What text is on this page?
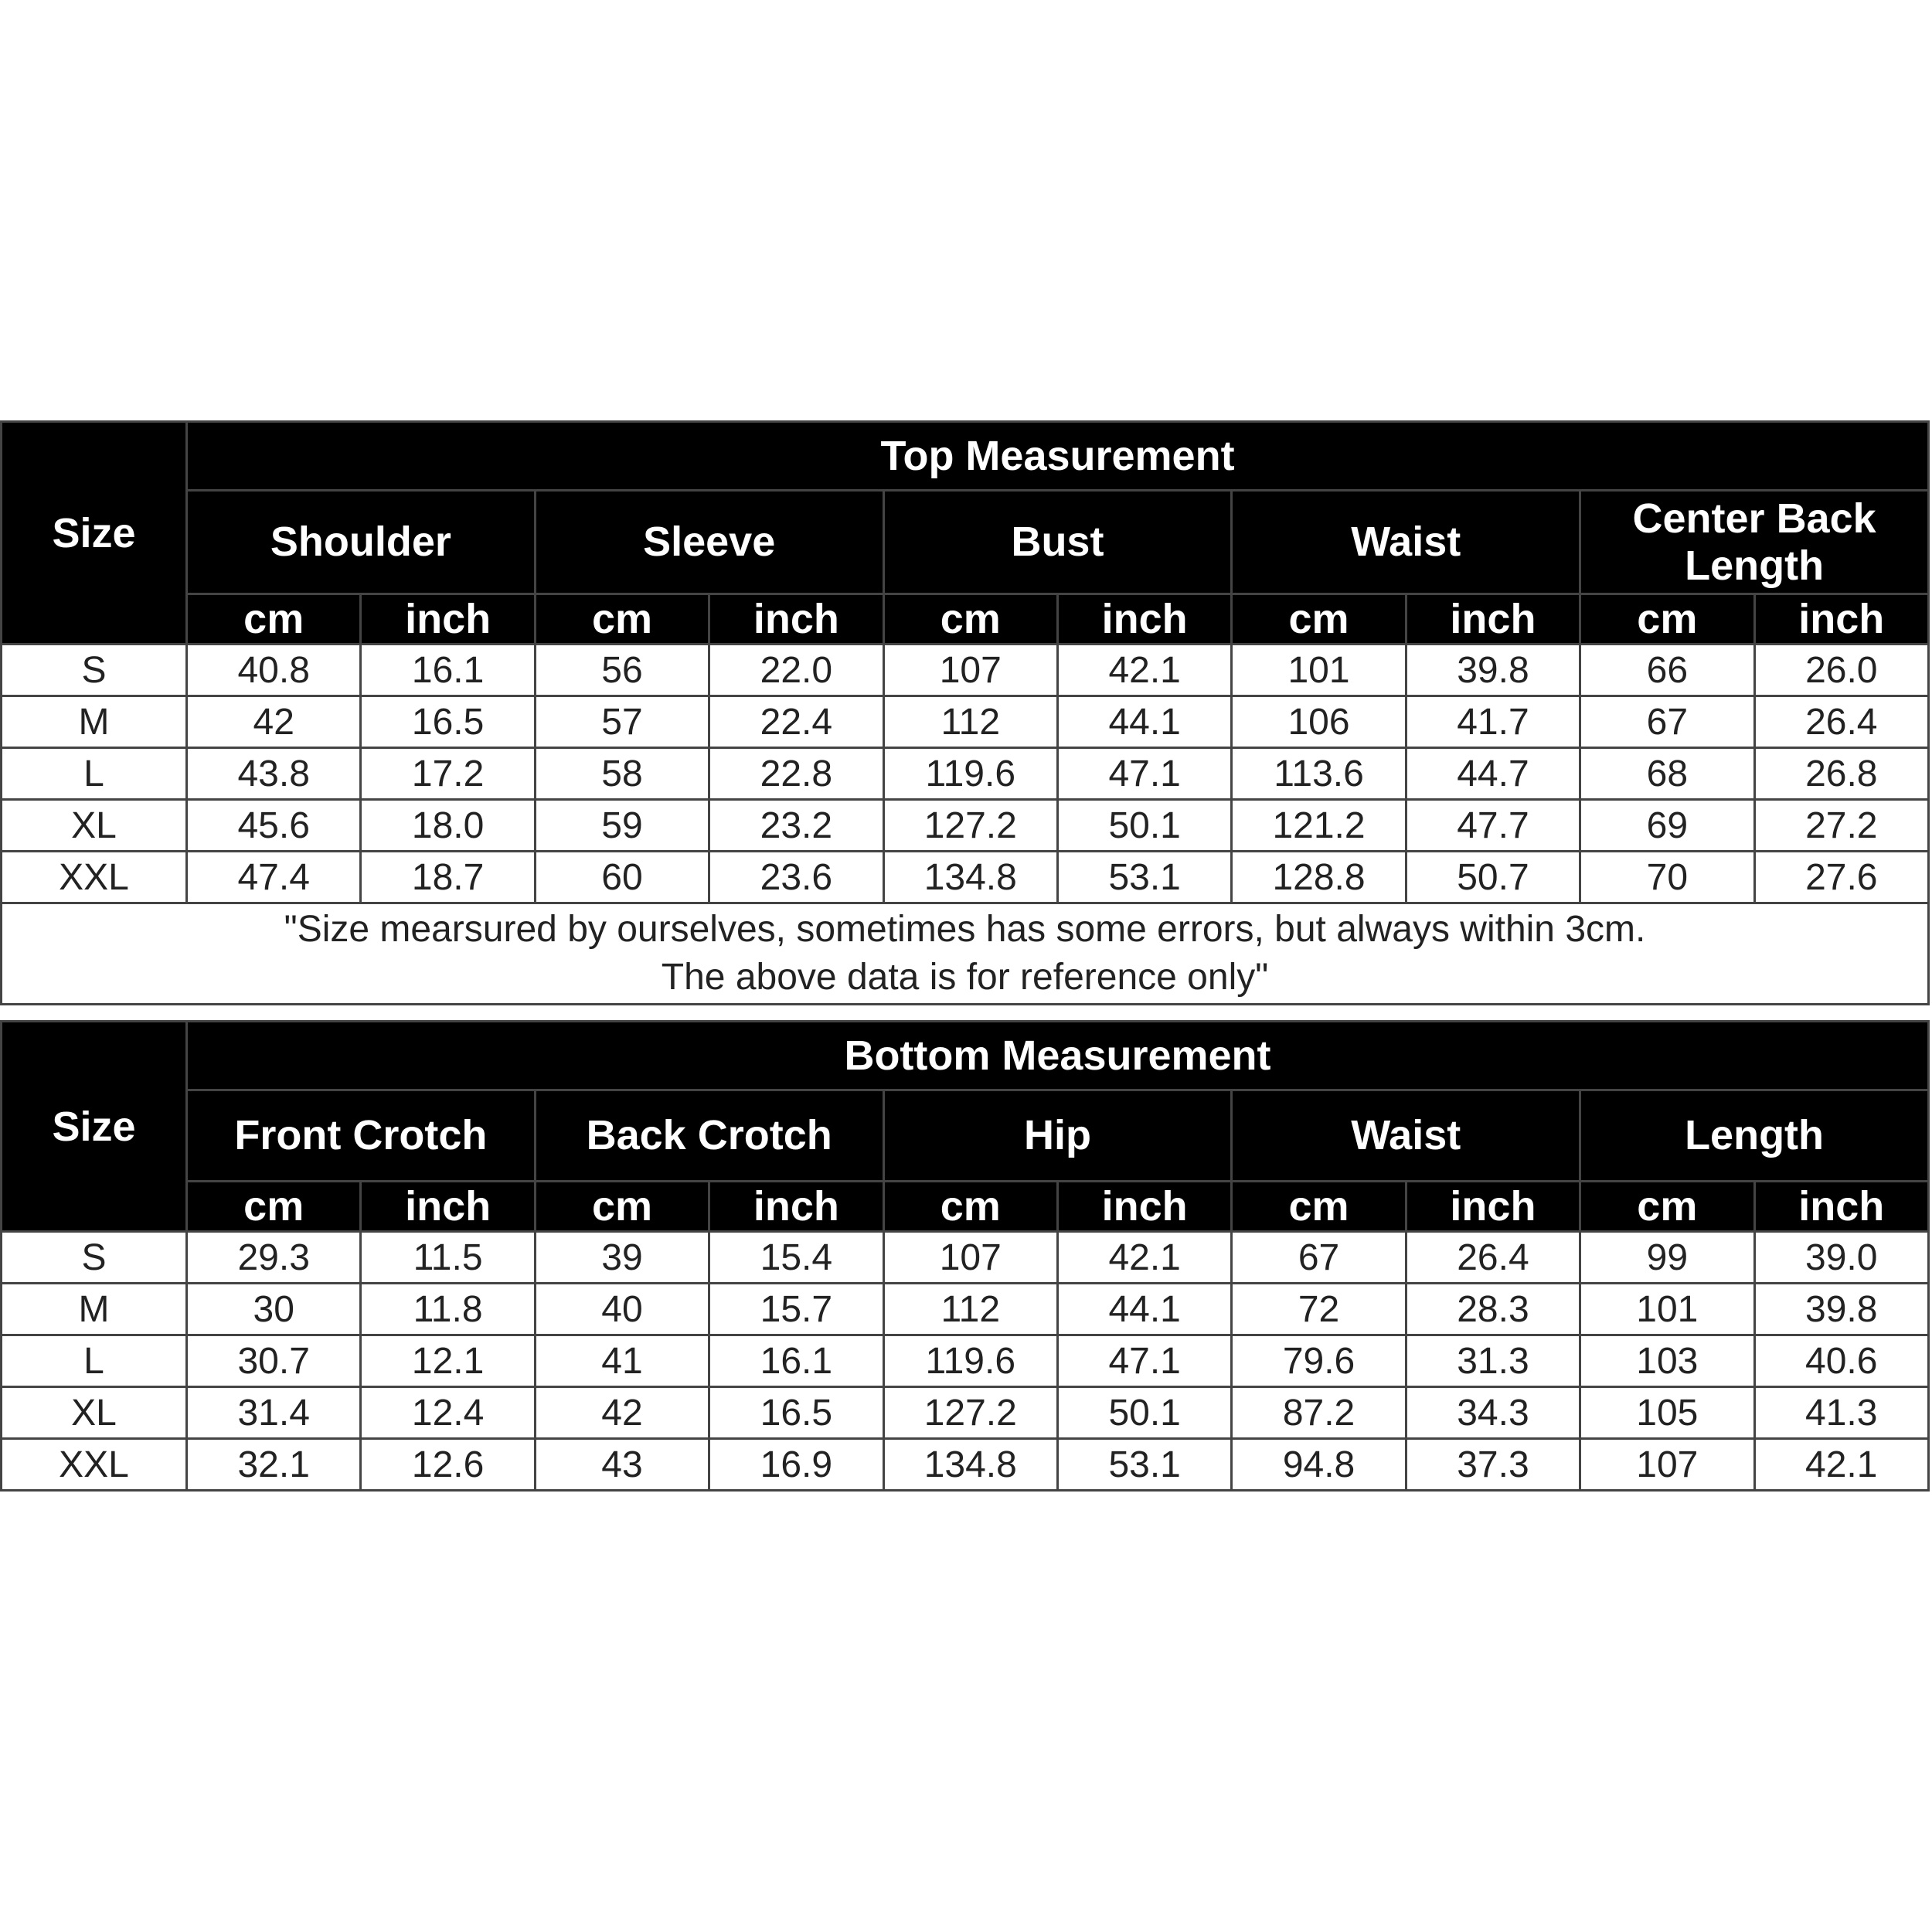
Size	Top Measurement									
	Shoulder		Sleeve		Bust		Waist		Center Back Length	
	cm	inch	cm	inch	cm	inch	cm	inch	cm	inch
S	40.8	16.1	56	22.0	107	42.1	101	39.8	66	26.0
M	42	16.5	57	22.4	112	44.1	106	41.7	67	26.4
L	43.8	17.2	58	22.8	119.6	47.1	113.6	44.7	68	26.8
XL	45.6	18.0	59	23.2	127.2	50.1	121.2	47.7	69	27.2
XXL	47.4	18.7	60	23.6	134.8	53.1	128.8	50.7	70	27.6

"Size mearsured by ourselves, sometimes has some errors, but always within 3cm.
The above data is for reference only"										
Size	Bottom Measurement									
	Front Crotch		Back Crotch		Hip		Waist		Length	
	cm	inch	cm	inch	cm	inch	cm	inch	cm	inch
S	29.3	11.5	39	15.4	107	42.1	67	26.4	99	39.0
M	30	11.8	40	15.7	112	44.1	72	28.3	101	39.8
L	30.7	12.1	41	16.1	119.6	47.1	79.6	31.3	103	40.6
XL	31.4	12.4	42	16.5	127.2	50.1	87.2	34.3	105	41.3
XXL	32.1	12.6	43	16.9	134.8	53.1	94.8	37.3	107	42.1
